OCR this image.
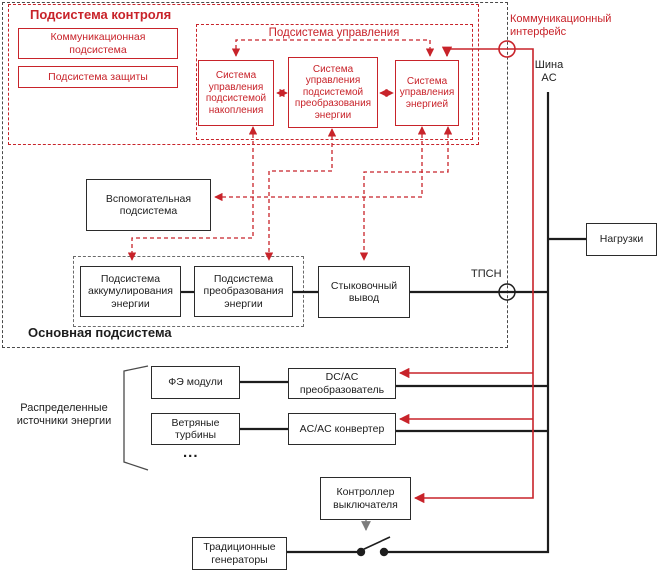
Подсистема контроля
Подсистема управления
Основная подсистема
Коммуникационная подсистема
Подсистема защиты	Система управления подсистемой накопления
Система управления подсистемой преобразования энергии
Система управления энергией
Вспомогательная подсистема
Подсистема аккумулирования энергии
Подсистема преобразования энергии
Стыковочный вывод
Нагрузки
ФЭ модули	DC/AC преобразователь
Ветряные турбины
AC/AC конвертер
Контроллер выключателя
Традиционные генераторы
Коммуникационный интерфейс
Шина AC
ТПСН
Распределенные источники энергии
...
